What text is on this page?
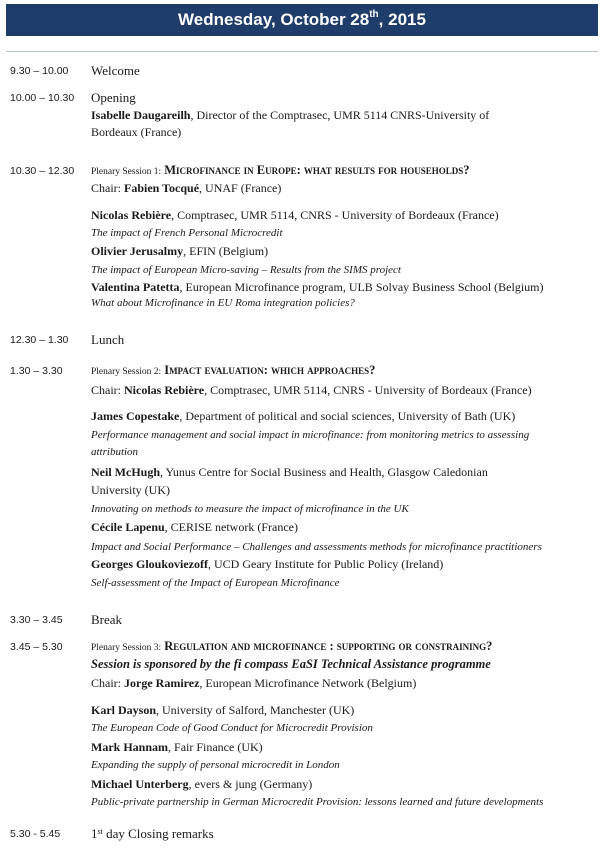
Wednesday, October 28th, 2015
9.30 – 10.00 Welcome
10.00 – 10.30 Opening
Isabelle Daugareilh, Director of the Comptrasec, UMR 5114 CNRS-University of
Bordeaux (France)
10.30 – 12.30 Plenary Session 1: Microfinance in Europe: what results for households?
Chair: Fabien Tocqué, UNAF (France)
Nicolas Rebière, Comptrasec, UMR 5114, CNRS - University of Bordeaux (France)
The impact of French Personal Microcredit
Olivier Jerusalmy, EFIN (Belgium)
The impact of European Micro-saving – Results from the SIMS project
Valentina Patetta, European Microfinance program, ULB Solvay Business School (Belgium)
What about Microfinance in EU Roma integration policies?
12.30 – 1.30 Lunch
1.30 – 3.30	Plenary Session 2: Impact evaluation: which approaches?
Chair: Nicolas Rebière, Comptrasec, UMR 5114, CNRS - University of Bordeaux (France)
James Copestake, Department of political and social sciences, University of Bath (UK)
Performance management and social impact in microfinance: from monitoring metrics to assessing
attribution
Neil McHugh, Yunus Centre for Social Business and Health, Glasgow Caledonian
University (UK)
Innovating on methods to measure the impact of microfinance in the UK
Cécile Lapenu, CERISE network (France)
Impact and Social Performance – Challenges and assessments methods for microfinance practitioners
Georges Gloukoviezoff, UCD Geary Institute for Public Policy (Ireland)
Self-assessment of the Impact of European Microfinance
3.30 – 3.45 Break
3.45 – 5.30	Plenary Session 3: Regulation and microfinance : supporting or constraining?
Session is sponsored by the fi compass EaSI Technical Assistance programme
Chair: Jorge Ramirez, European Microfinance Network (Belgium)
Karl Dayson, University of Salford, Manchester (UK)
The European Code of Good Conduct for Microcredit Provision
Mark Hannam, Fair Finance (UK)
Expanding the supply of personal microcredit in London
Michael Unterberg, evers & jung (Germany)
Public-private partnership in German Microcredit Provision: lessons learned and future developments
5.30 - 5.45 1st day Closing remarks
